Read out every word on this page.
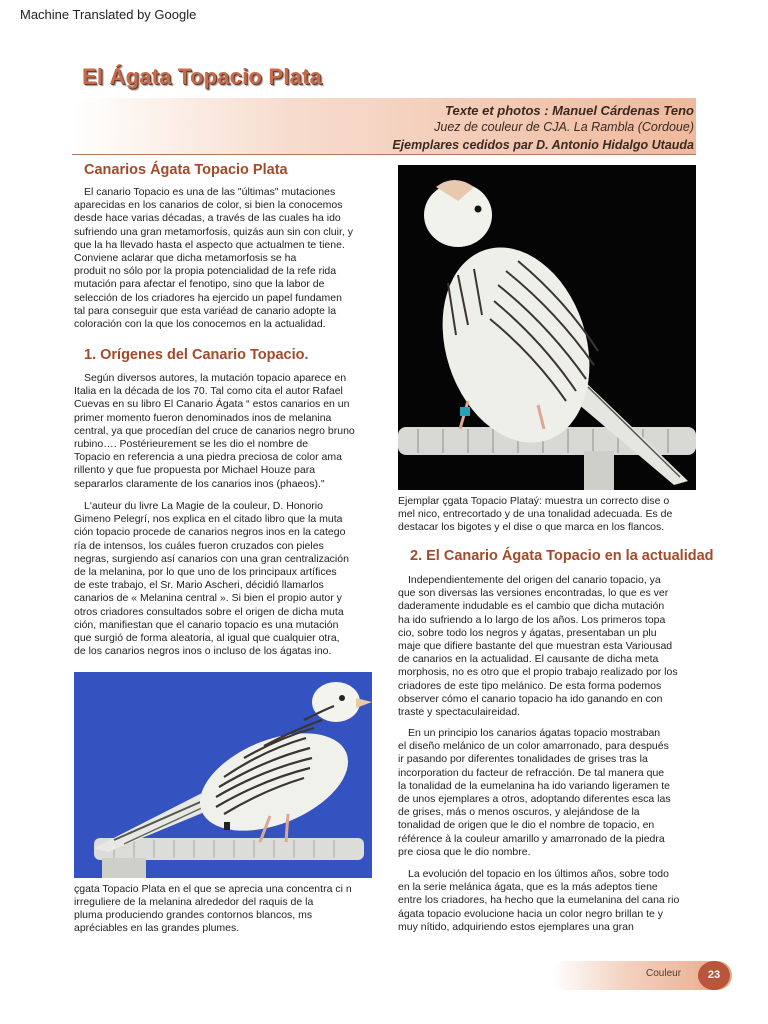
Machine Translated by Google
El Ágata Topacio Plata
Texte et photos : Manuel Cárdenas Teno
Juez de couleur de CJA. La Rambla (Cordoue)
Ejemplares cedidos par D. Antonio Hidalgo Utauda
Canarios Ágata Topacio Plata
El canario Topacio es una de las "últimas" mutaciones
aparecidas en los canarios de color, si bien la conocemos
desde hace varias décadas, a través de las cuales ha ido
sufriendo una gran metamorfosis, quizás aun sin con cluir, y
que la ha llevado hasta el aspecto que actualmen te tiene.
Conviene aclarar que dicha metamorfosis se ha
produit no sólo por la propia potencialidad de la refe rida
mutación para afectar el fenotipo, sino que la labor de
selección de los criadores ha ejercido un papel fundamen
tal para conseguir que esta variéad de canario adopte la
coloración con la que los conocemos en la actualidad.
1. Orígenes del Canario Topacio.
Según diversos autores, la mutación topacio aparece en
Italia en la década de los 70. Tal como cita el autor Rafael
Cuevas en su libro El Canario Ágata “ estos canarios en un
primer momento fueron denominados inos de melanina
central, ya que procedían del cruce de canarios negro bruno
rubino…. Postérieurement se les dio el nombre de
Topacio en referencia a una piedra preciosa de color ama
rillento y que fue propuesta por Michael Houze para
separarlos claramente de los canarios inos (phaeos)."
L'auteur du livre La Magie de la couleur, D. Honorio
Gimeno Pelegrí, nos explica en el citado libro que la muta
ción topacio procede de canarios negros inos en la catego
ría de intensos, los cuáles fueron cruzados con pieles
negras, surgiendo así canarios con una gran centralización
de la melanina, por lo que uno de los principaux artífices
de este trabajo, el Sr. Mario Ascheri, décidió llamarlos
canarios de « Melanina central ». Si bien el propio autor y
otros criadores consultados sobre el origen de dicha muta
ción, manifiestan que el canario topacio es una mutación
que surgió de forma aleatoria, al igual que cualquier otra,
de los canarios negros inos o incluso de los ágatas ino.
çgata Topacio Plata en el que se aprecia una concentra ci n
irreguliere de la melanina alrededor del raquis de la
pluma produciendo grandes contornos blancos, ms
apréciables en las grandes plumes.
Ejemplar çgata Topacio Plataý: muestra un correcto dise o
mel nico, entrecortado y de una tonalidad adecuada. Es de
destacar los bigotes y el dise o que marca en los flancos.
2. El Canario Ágata Topacio en la actualidad
Independientemente del origen del canario topacio, ya
que son diversas las versiones encontradas, lo que es ver
daderamente indudable es el cambio que dicha mutación
ha ido sufriendo a lo largo de los años. Los primeros topa
cio, sobre todo los negros y ágatas, presentaban un plu
maje que difiere bastante del que muestran esta Variousad
de canarios en la actualidad. El causante de dicha meta
morphosis, no es otro que el propio trabajo realizado por los
criadores de este tipo melánico. De esta forma podemos
observer cómo el canario topacio ha ido ganando en con
traste y spectaculaireidad.
En un principio los canarios ágatas topacio mostraban
el diseño melánico de un color amarronado, para después
ir pasando por diferentes tonalidades de grises tras la
incorporation du facteur de refracción. De tal manera que
la tonalidad de la eumelanina ha ido variando ligeramen te
de unos ejemplares a otros, adoptando diferentes esca las
de grises, más o menos oscuros, y alejándose de la
tonalidad de origen que le dio el nombre de topacio, en
référence à la couleur amarillo y amarronado de la piedra
pre ciosa que le dio nombre.
La evolución del topacio en los últimos años, sobre todo
en la serie melánica ágata, que es la más adeptos tiene
entre los criadores, ha hecho que la eumelanina del cana rio
ágata topacio evolucione hacia un color negro brillan te y
muy nítido, adquiriendo estos ejemplares una gran
Couleur	23
